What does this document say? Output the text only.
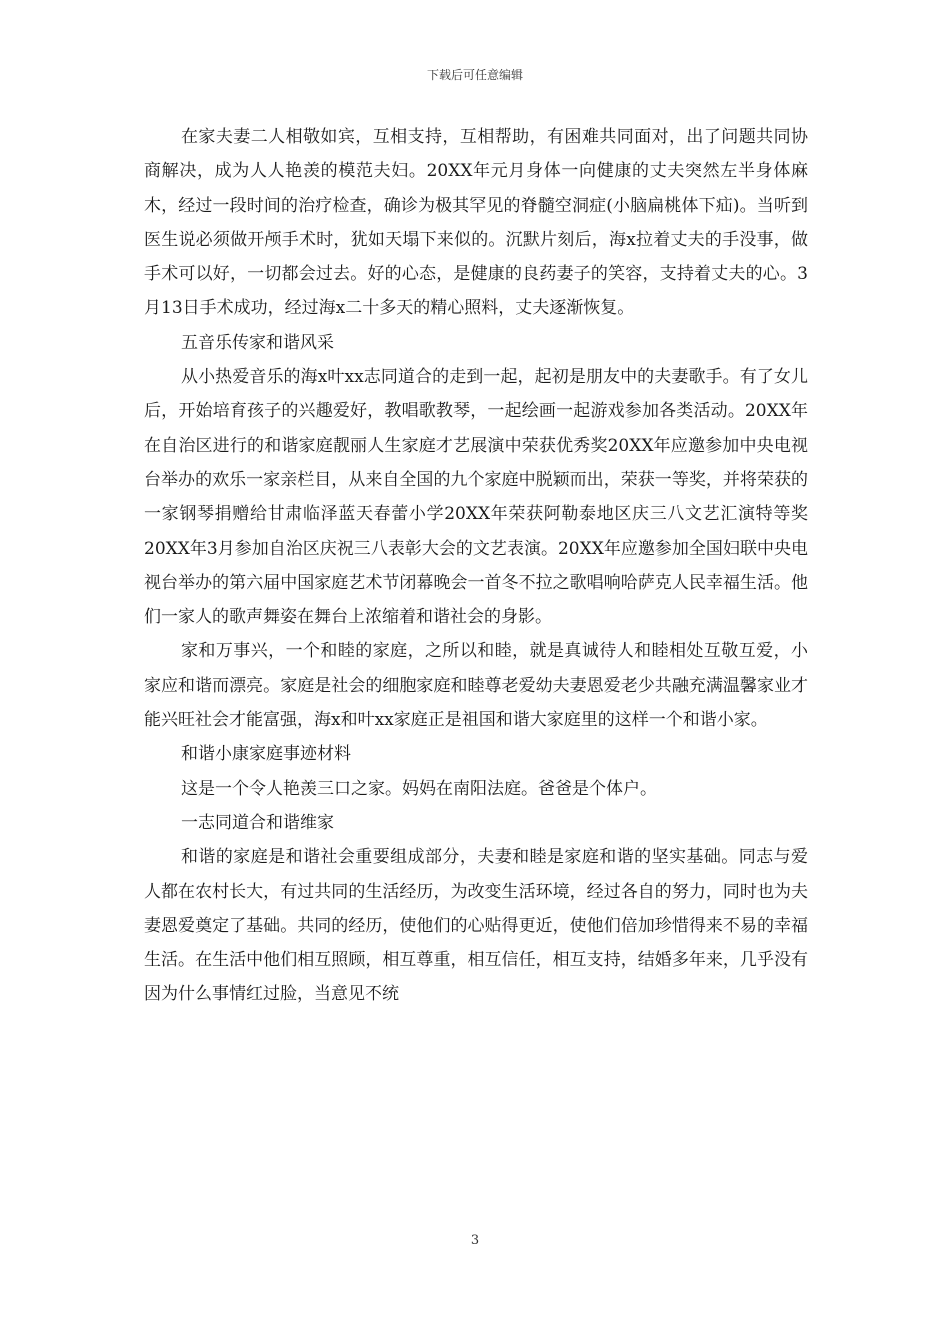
下载后可任意编辑

在家夫妻二人相敬如宾，互相支持，互相帮助，有困难共同面对，出了问题共同协商解决，成为人人艳羡的模范夫妇。20XX年元月身体一向健康的丈夫突然左半身体麻木，经过一段时间的治疗检查，确诊为极其罕见的脊髓空洞症(小脑扁桃体下疝)。当听到医生说必须做开颅手术时，犹如天塌下来似的。沉默片刻后，海x拉着丈夫的手没事，做手术可以好，一切都会过去。好的心态，是健康的良药妻子的笑容，支持着丈夫的心。3月13日手术成功，经过海x二十多天的精心照料，丈夫逐渐恢复。

五音乐传家和谐风采

从小热爱音乐的海x叶xx志同道合的走到一起，起初是朋友中的夫妻歌手。有了女儿后，开始培育孩子的兴趣爱好，教唱歌教琴，一起绘画一起游戏参加各类活动。20XX年在自治区进行的和谐家庭靓丽人生家庭才艺展演中荣获优秀奖20XX年应邀参加中央电视台举办的欢乐一家亲栏目，从来自全国的九个家庭中脱颖而出，荣获一等奖，并将荣获的一家钢琴捐赠给甘肃临泽蓝天春蕾小学20XX年荣获阿勒泰地区庆三八文艺汇演特等奖20XX年3月参加自治区庆祝三八表彰大会的文艺表演。20XX年应邀参加全国妇联中央电视台举办的第六届中国家庭艺术节闭幕晚会一首冬不拉之歌唱响哈萨克人民幸福生活。他们一家人的歌声舞姿在舞台上浓缩着和谐社会的身影。

家和万事兴，一个和睦的家庭，之所以和睦，就是真诚待人和睦相处互敬互爱，小家应和谐而漂亮。家庭是社会的细胞家庭和睦尊老爱幼夫妻恩爱老少共融充满温馨家业才能兴旺社会才能富强，海x和叶xx家庭正是祖国和谐大家庭里的这样一个和谐小家。

和谐小康家庭事迹材料

这是一个令人艳羡三口之家。妈妈在南阳法庭。爸爸是个体户。

一志同道合和谐维家

和谐的家庭是和谐社会重要组成部分，夫妻和睦是家庭和谐的坚实基础。同志与爱人都在农村长大，有过共同的生活经历，为改变生活环境，经过各自的努力，同时也为夫妻恩爱奠定了基础。共同的经历，使他们的心贴得更近，使他们倍加珍惜得来不易的幸福生活。在生活中他们相互照顾，相互尊重，相互信任，相互支持，结婚多年来，几乎没有因为什么事情红过脸，当意见不统

3
